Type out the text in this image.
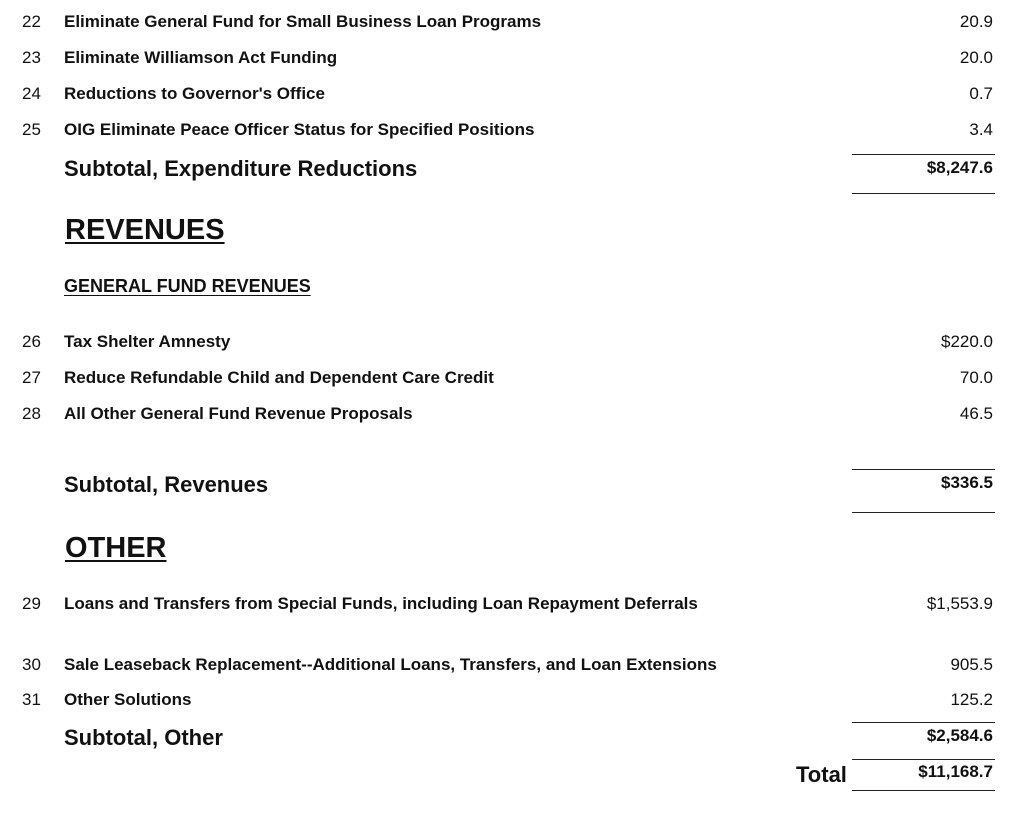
22 Eliminate General Fund for Small Business Loan Programs	20.9
23 Eliminate Williamson Act Funding	20.0
24 Reductions to Governor's Office	0.7
25 OIG Eliminate Peace Officer Status for Specified Positions	3.4
Subtotal, Expenditure Reductions	$8,247.6
REVENUES
GENERAL FUND REVENUES
26 Tax Shelter Amnesty	$220.0
27 Reduce Refundable Child and Dependent Care Credit	70.0
28 All Other General Fund Revenue Proposals	46.5
Subtotal, Revenues	$336.5
OTHER
29 Loans and Transfers from Special Funds, including Loan Repayment Deferrals	$1,553.9
30 Sale Leaseback Replacement--Additional Loans, Transfers, and Loan Extensions	905.5
31 Other Solutions	125.2
Subtotal, Other	$2,584.6
Total	$11,168.7
